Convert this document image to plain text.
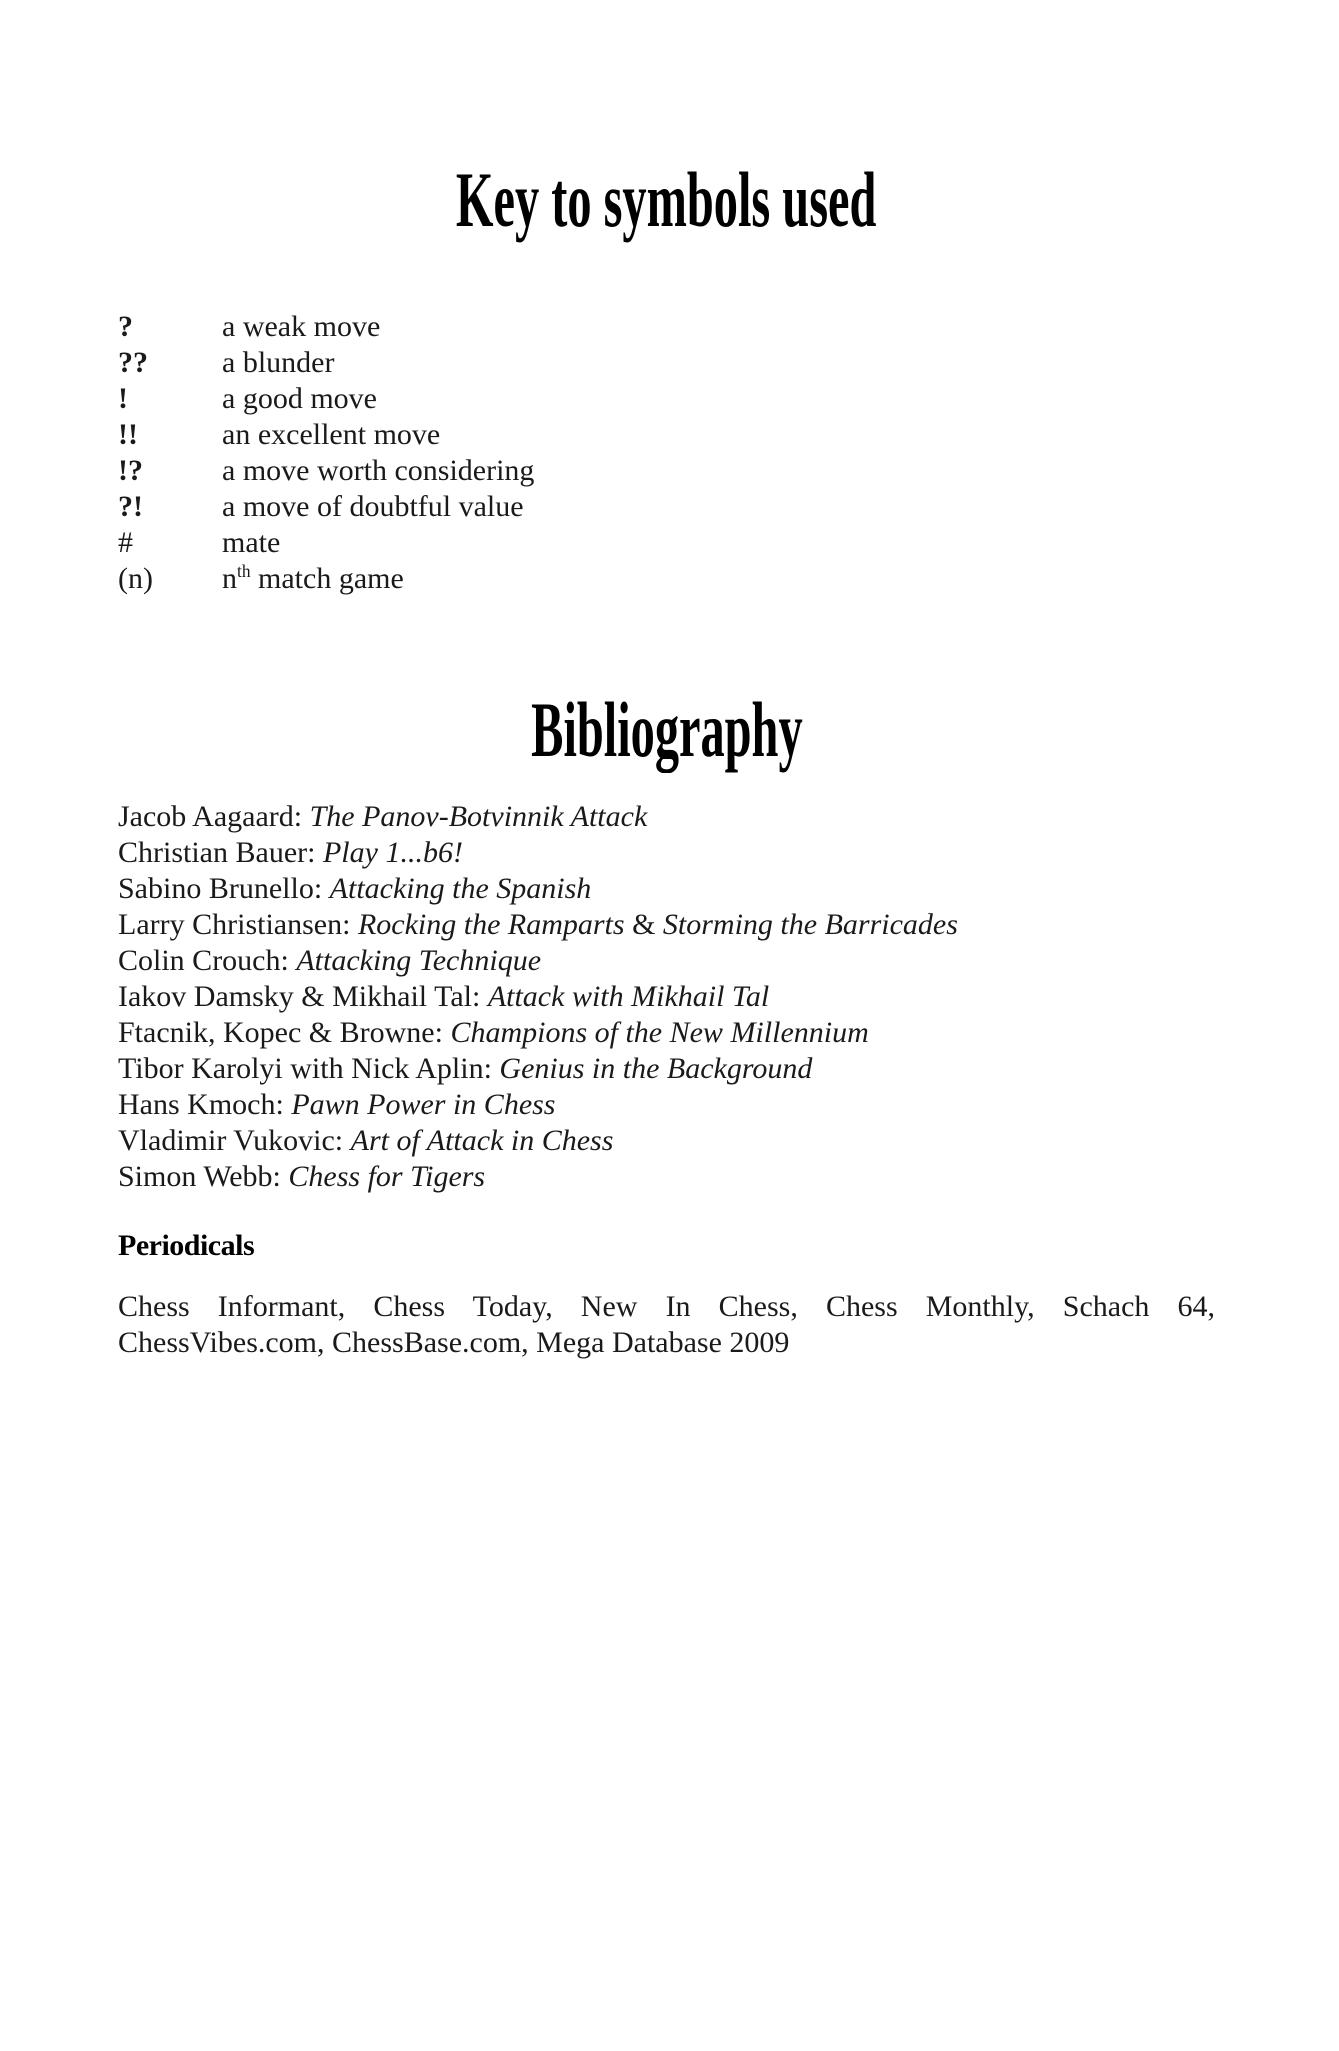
Key to symbols used
?	a weak move
??	a blunder
!	a good move
!!	an excellent move
!?	a move worth considering
?!	a move of doubtful value
#	mate
(n)	$n^{th}$ match game
Bibliography
Jacob Aagaard: The Panov-Botvinnik Attack
Christian Bauer: Play 1...b6!
Sabino Brunello: Attacking the Spanish
Larry Christiansen: Rocking the Ramparts & Storming the Barricades
Colin Crouch: Attacking Technique
Iakov Damsky & Mikhail Tal: Attack with Mikhail Tal
Ftacnik, Kopec & Browne: Champions of the New Millennium
Tibor Karolyi with Nick Aplin: Genius in the Background
Hans Kmoch: Pawn Power in Chess
Vladimir Vukovic: Art of Attack in Chess
Simon Webb: Chess for Tigers

Periodicals

Chess Informant, Chess Today, New In Chess, Chess Monthly, Schach 64, ChessVibes.com, ChessBase.com, Mega Database 2009
